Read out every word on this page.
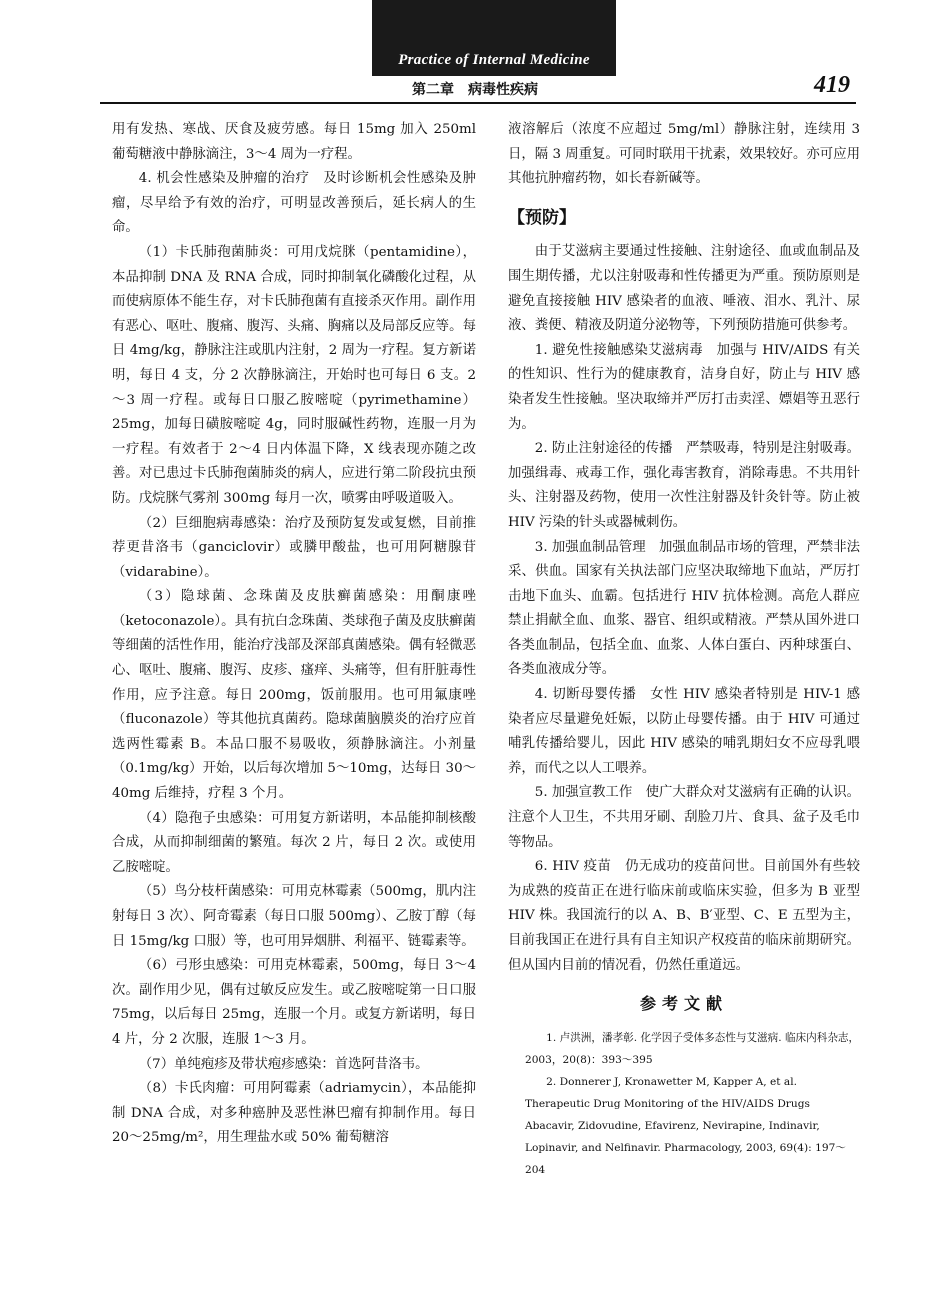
Practice of Internal Medicine
第二章　病毒性疾病	419

用有发热、寒战、厌食及疲劳感。每日 15mg 加入 250ml 葡萄糖液中静脉滴注，3～4 周为一疗程。

4. 机会性感染及肿瘤的治疗　及时诊断机会性感染及肿瘤，尽早给予有效的治疗，可明显改善预后，延长病人的生命。

（1）卡氏肺孢菌肺炎：可用戊烷脒（pentamidine），本品抑制 DNA 及 RNA 合成，同时抑制氧化磷酸化过程，从而使病原体不能生存，对卡氏肺孢菌有直接杀灭作用。副作用有恶心、呕吐、腹痛、腹泻、头痛、胸痛以及局部反应等。每日 4mg/kg，静脉注注或肌内注射，2 周为一疗程。复方新诺明，每日 4 支，分 2 次静脉滴注，开始时也可每日 6 支。2～3 周一疗程。或每日口服乙胺嘧啶（pyrimethamine）25mg，加每日磺胺嘧啶 4g，同时服碱性药物，连服一月为一疗程。有效者于 2～4 日内体温下降，X 线表现亦随之改善。对已患过卡氏肺孢菌肺炎的病人，应进行第二阶段抗虫预防。戊烷脒气雾剂 300mg 每月一次，喷雾由呼吸道吸入。

（2）巨细胞病毒感染：治疗及预防复发或复燃，目前推荐更昔洛韦（ganciclovir）或膦甲酸盐，也可用阿糖腺苷（vidarabine）。

（3）隐球菌、念珠菌及皮肤癣菌感染：用酮康唑（ketoconazole）。具有抗白念珠菌、类球孢子菌及皮肤癣菌等细菌的活性作用，能治疗浅部及深部真菌感染。偶有轻微恶心、呕吐、腹痛、腹泻、皮疹、瘙痒、头痛等，但有肝脏毒性作用，应予注意。每日 200mg，饭前服用。也可用氟康唑（fluconazole）等其他抗真菌药。隐球菌脑膜炎的治疗应首选两性霉素 B。本品口服不易吸收，须静脉滴注。小剂量（0.1mg/kg）开始，以后每次增加 5～10mg，达每日 30～40mg 后维持，疗程 3 个月。

（4）隐孢子虫感染：可用复方新诺明，本品能抑制核酸合成，从而抑制细菌的繁殖。每次 2 片，每日 2 次。或使用乙胺嘧啶。

（5）鸟分枝杆菌感染：可用克林霉素（500mg，肌内注射每日 3 次）、阿奇霉素（每日口服 500mg）、乙胺丁醇（每日 15mg/kg 口服）等，也可用异烟肼、利福平、链霉素等。

（6）弓形虫感染：可用克林霉素，500mg，每日 3～4 次。副作用少见，偶有过敏反应发生。或乙胺嘧啶第一日口服 75mg，以后每日 25mg，连服一个月。或复方新诺明，每日 4 片，分 2 次服，连服 1～3 月。

（7）单纯疱疹及带状疱疹感染：首选阿昔洛韦。

（8）卡氏肉瘤：可用阿霉素（adriamycin），本品能抑制 DNA 合成，对多种癌肿及恶性淋巴瘤有抑制作用。每日 20～25mg/m²，用生理盐水或 50% 葡萄糖溶

液溶解后（浓度不应超过 5mg/ml）静脉注射，连续用 3 日，隔 3 周重复。可同时联用干扰素，效果较好。亦可应用其他抗肿瘤药物，如长春新碱等。

【预防】

由于艾滋病主要通过性接触、注射途径、血或血制品及围生期传播，尤以注射吸毒和性传播更为严重。预防原则是避免直接接触 HIV 感染者的血液、唾液、泪水、乳汁、尿液、粪便、精液及阴道分泌物等，下列预防措施可供参考。

1. 避免性接触感染艾滋病毒　加强与 HIV/AIDS 有关的性知识、性行为的健康教育，洁身自好，防止与 HIV 感染者发生性接触。坚决取缔并严厉打击卖淫、嫖娼等丑恶行为。

2. 防止注射途径的传播　严禁吸毒，特别是注射吸毒。加强缉毒、戒毒工作，强化毒害教育，消除毒患。不共用针头、注射器及药物，使用一次性注射器及针灸针等。防止被 HIV 污染的针头或器械刺伤。

3. 加强血制品管理　加强血制品市场的管理，严禁非法采、供血。国家有关执法部门应坚决取缔地下血站，严厉打击地下血头、血霸。包括进行 HIV 抗体检测。高危人群应禁止捐献全血、血浆、器官、组织或精液。严禁从国外进口各类血制品，包括全血、血浆、人体白蛋白、丙种球蛋白、各类血液成分等。

4. 切断母婴传播　女性 HIV 感染者特别是 HIV-1 感染者应尽量避免妊娠，以防止母婴传播。由于 HIV 可通过哺乳传播给婴儿，因此 HIV 感染的哺乳期妇女不应母乳喂养，而代之以人工喂养。

5. 加强宣教工作　使广大群众对艾滋病有正确的认识。注意个人卫生，不共用牙刷、刮脸刀片、食具、盆子及毛巾等物品。

6. HIV 疫苗　仍无成功的疫苗问世。目前国外有些较为成熟的疫苗正在进行临床前或临床实验，但多为 B 亚型 HIV 株。我国流行的以 A、B、B′亚型、C、E 五型为主，目前我国正在进行具有自主知识产权疫苗的临床前期研究。但从国内目前的情况看，仍然任重道远。

参考文献

1. 卢洪洲，潘孝彰. 化学因子受体多态性与艾滋病. 临床内科杂志，2003，20(8)：393～395

2. Donnerer J, Kronawetter M, Kapper A, et al. Therapeutic Drug Monitoring of the HIV/AIDS Drugs Abacavir, Zidovudine, Efavirenz, Nevirapine, Indinavir, Lopinavir, and Nelfinavir. Pharmacology, 2003, 69(4): 197～204
